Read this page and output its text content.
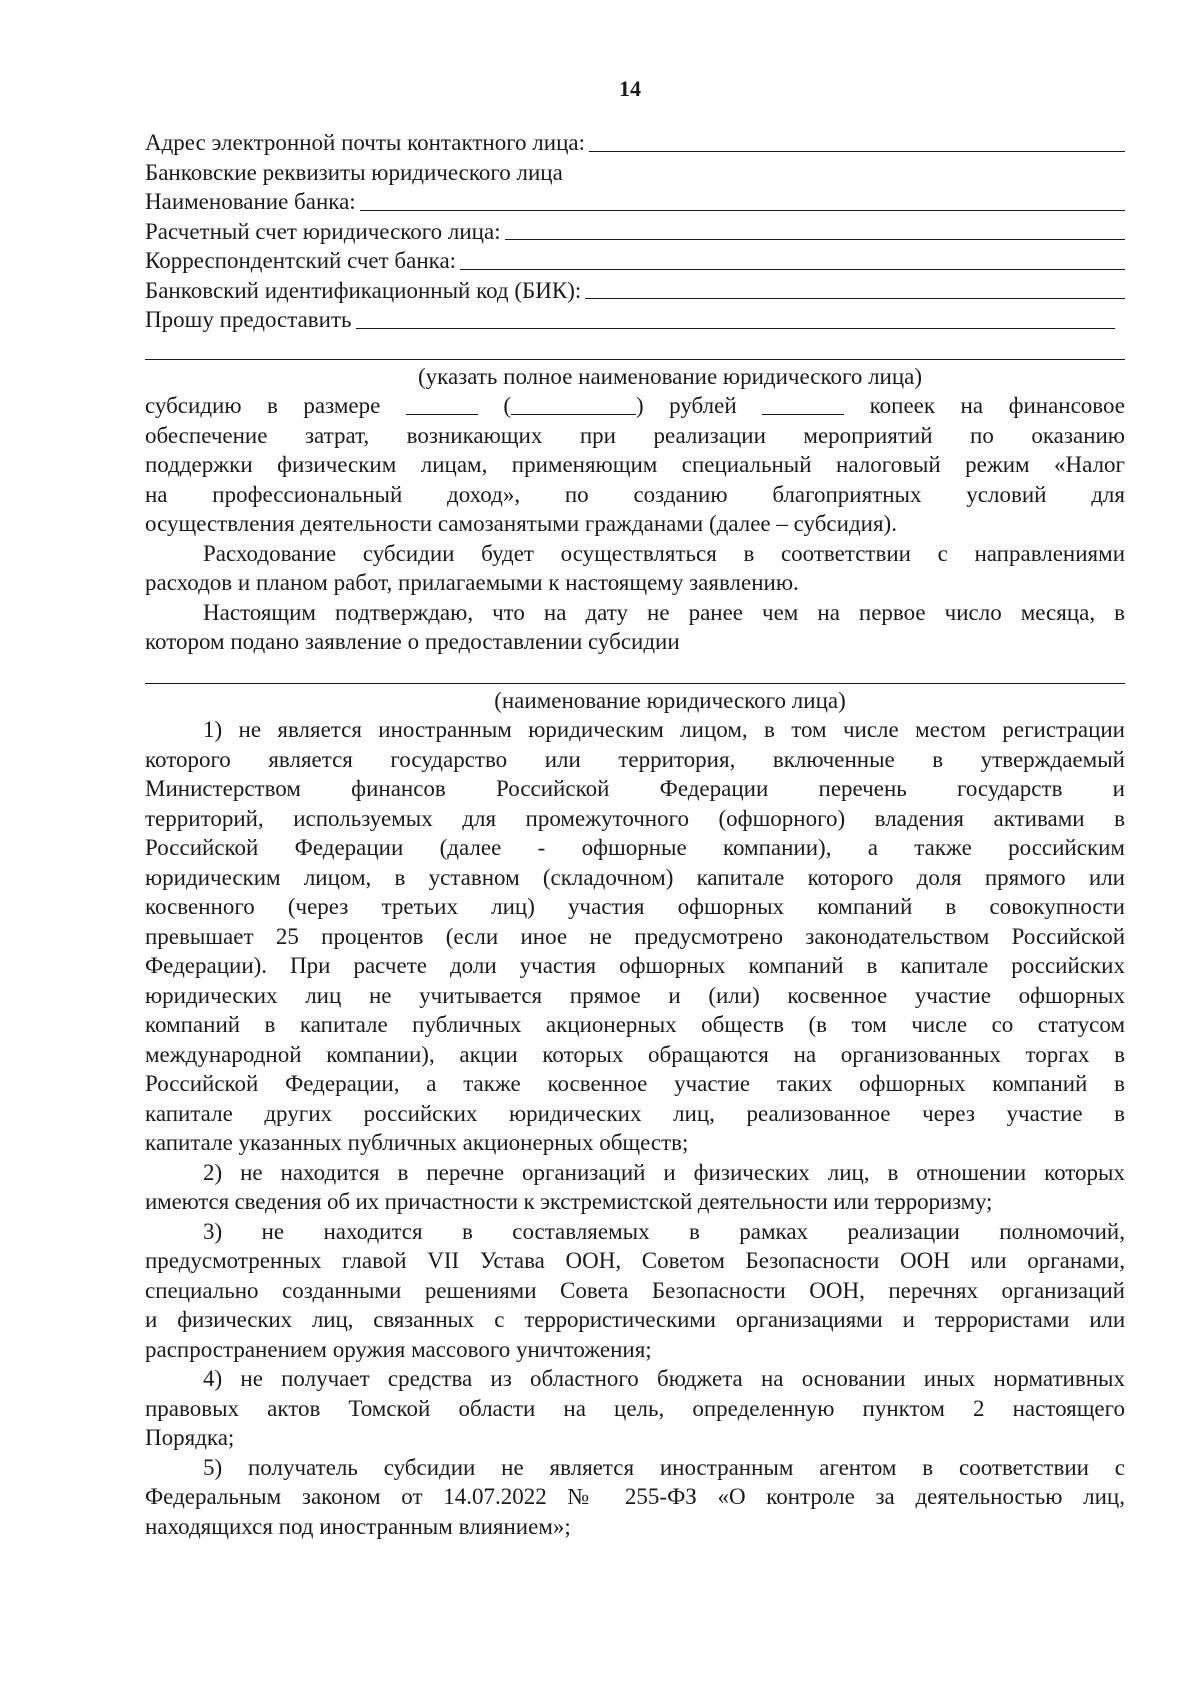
14
Адрес электронной почты контактного лица:
Банковские реквизиты юридического лица
Наименование банка:
Расчетный счет юридического лица:
Корреспондентский счет банка:
Банковский идентификационный код (БИК):
Прошу предоставить
(указать полное наименование юридического лица)
субсидию в размере	(	) рублей	копеек на финансовое
обеспечение затрат, возникающих при реализации мероприятий по оказанию
поддержки физическим лицам, применяющим специальный налоговый режим «Налог
на профессиональный доход», по созданию благоприятных условий для
осуществления деятельности самозанятыми гражданами (далее – субсидия).
Расходование субсидии будет осуществляться в соответствии с направлениями
расходов и планом работ, прилагаемыми к настоящему заявлению.
Настоящим подтверждаю, что на дату не ранее чем на первое число месяца, в
котором подано заявление о предоставлении субсидии
(наименование юридического лица)
1) не является иностранным юридическим лицом, в том числе местом регистрации
которого является государство или территория, включенные в утверждаемый
Министерством финансов Российской Федерации перечень государств и
территорий, используемых для промежуточного (офшорного) владения активами в
Российской Федерации (далее - офшорные компании), а также российским
юридическим лицом, в уставном (складочном) капитале которого доля прямого или
косвенного (через третьих лиц) участия офшорных компаний в совокупности
превышает 25 процентов (если иное не предусмотрено законодательством Российской
Федерации). При расчете доли участия офшорных компаний в капитале российских
юридических лиц не учитывается прямое и (или) косвенное участие офшорных
компаний в капитале публичных акционерных обществ (в том числе со статусом
международной компании), акции которых обращаются на организованных торгах в
Российской Федерации, а также косвенное участие таких офшорных компаний в
капитале других российских юридических лиц, реализованное через участие в
капитале указанных публичных акционерных обществ;
2) не находится в перечне организаций и физических лиц, в отношении которых
имеются сведения об их причастности к экстремистской деятельности или терроризму;
3) не находится в составляемых в рамках реализации полномочий,
предусмотренных главой VII Устава ООН, Советом Безопасности ООН или органами,
специально созданными решениями Совета Безопасности ООН, перечнях организаций
и физических лиц, связанных с террористическими организациями и террористами или
распространением оружия массового уничтожения;
4) не получает средства из областного бюджета на основании иных нормативных
правовых актов Томской области на цель, определенную пунктом 2 настоящего
Порядка;
5) получатель субсидии не является иностранным агентом в соответствии с
Федеральным законом от 14.07.2022 № 255-ФЗ «О контроле за деятельностью лиц,
находящихся под иностранным влиянием»;
